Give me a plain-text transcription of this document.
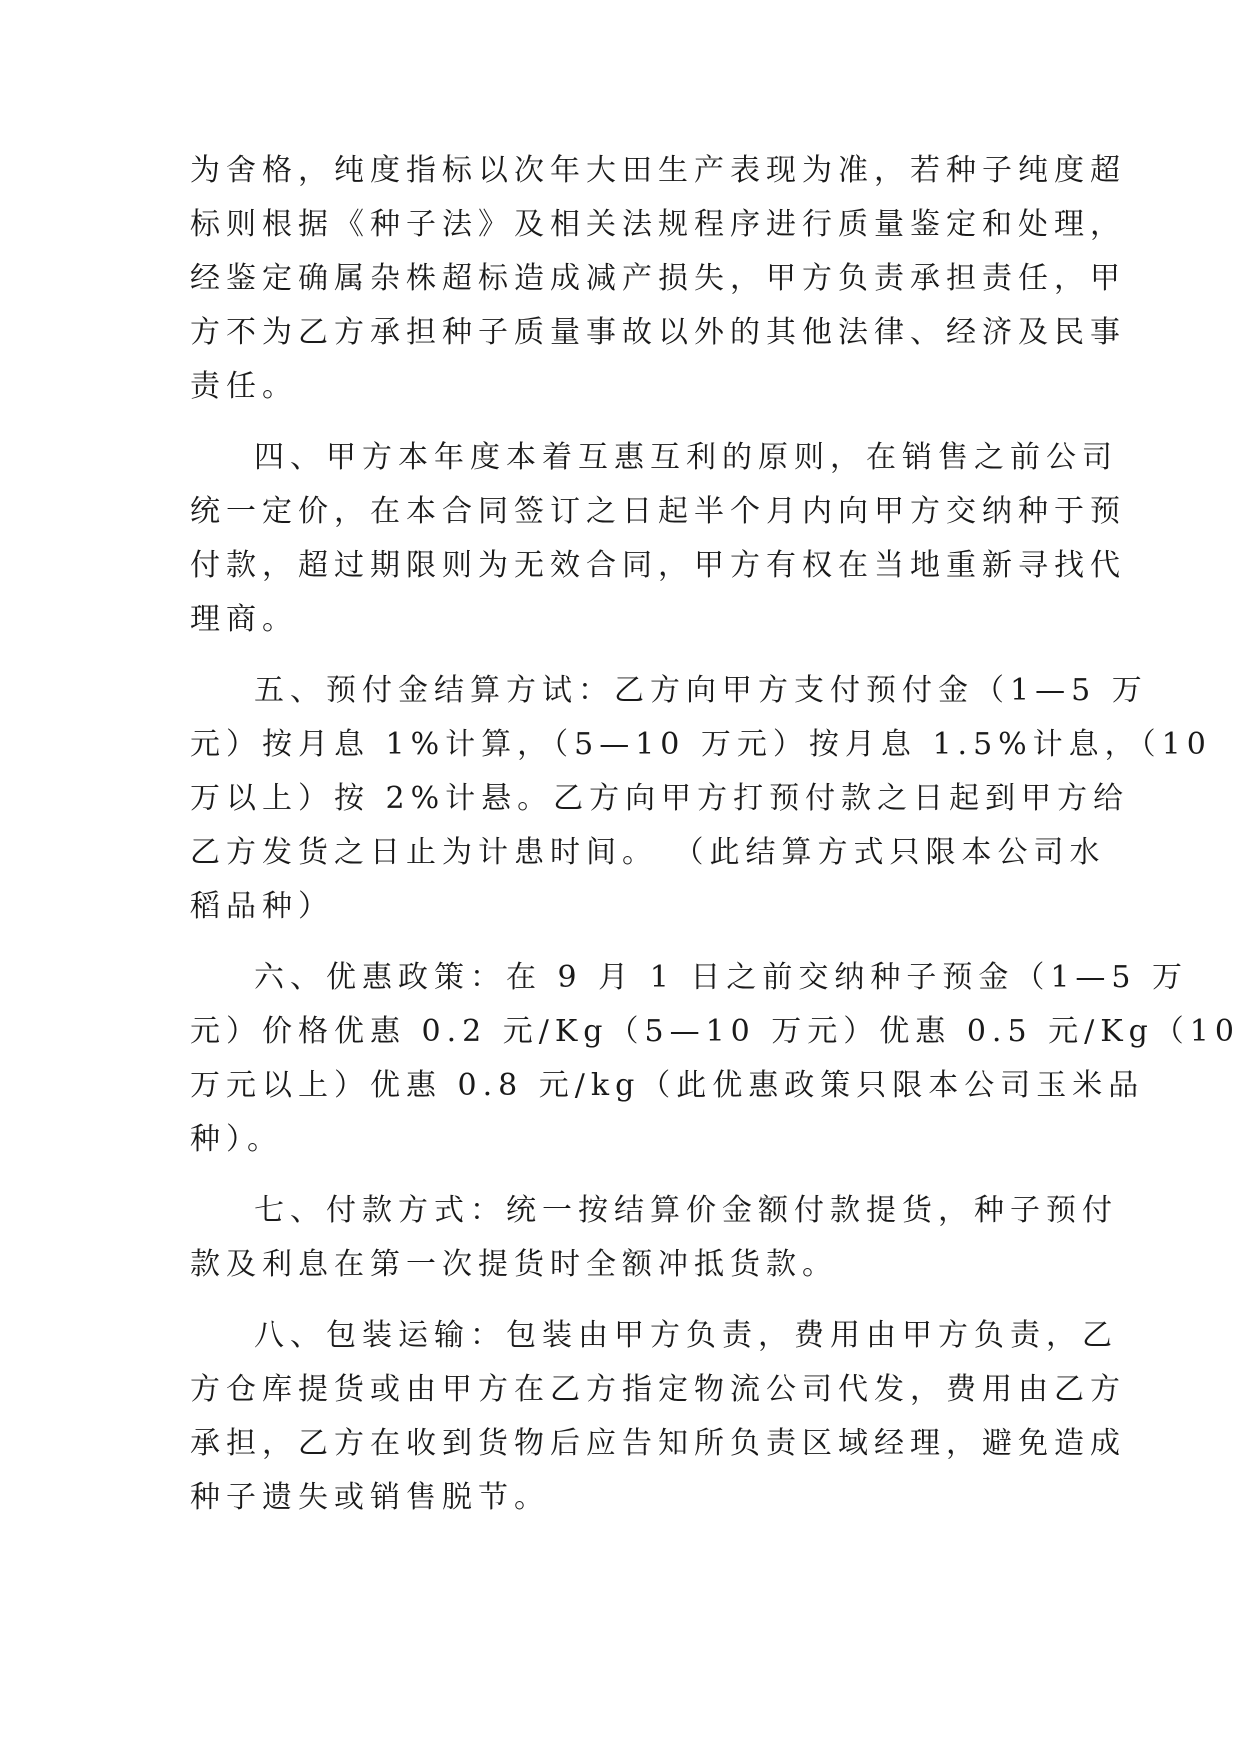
为舍格，纯度指标以次年大田生产表现为准，若种子纯度超
标则根据《种子法》及相关法规程序进行质量鉴定和处理，
经鉴定确属杂株超标造成减产损失，甲方负责承担责任，甲
方不为乙方承担种子质量事故以外的其他法律、经济及民事
责任。
四、甲方本年度本着互惠互利的原则，在销售之前公司
统一定价，在本合同签订之日起半个月内向甲方交纳种于预
付款，超过期限则为无效合同，甲方有权在当地重新寻找代
理商。
五、预付金结算方试：乙方向甲方支付预付金（1—5 万
元）按月息 1%计算，（5—10 万元）按月息 1.5%计息，（10
万以上）按 2%计悬。乙方向甲方打预付款之日起到甲方给
乙方发货之日止为计患时间。 （此结算方式只限本公司水
稻品种）
六、优惠政策：在 9 月 1 日之前交纳种子预金（1—5 万
元）价格优惠 0.2 元/Kg（5—10 万元）优惠 0.5 元/Kg（10
万元以上）优惠 0.8 元/kg（此优惠政策只限本公司玉米品
种）。
七、付款方式：统一按结算价金额付款提货，种子预付
款及利息在第一次提货时全额冲抵货款。
八、包装运输：包装由甲方负责，费用由甲方负责，乙
方仓库提货或由甲方在乙方指定物流公司代发，费用由乙方
承担，乙方在收到货物后应告知所负责区域经理，避免造成
种子遗失或销售脱节。
